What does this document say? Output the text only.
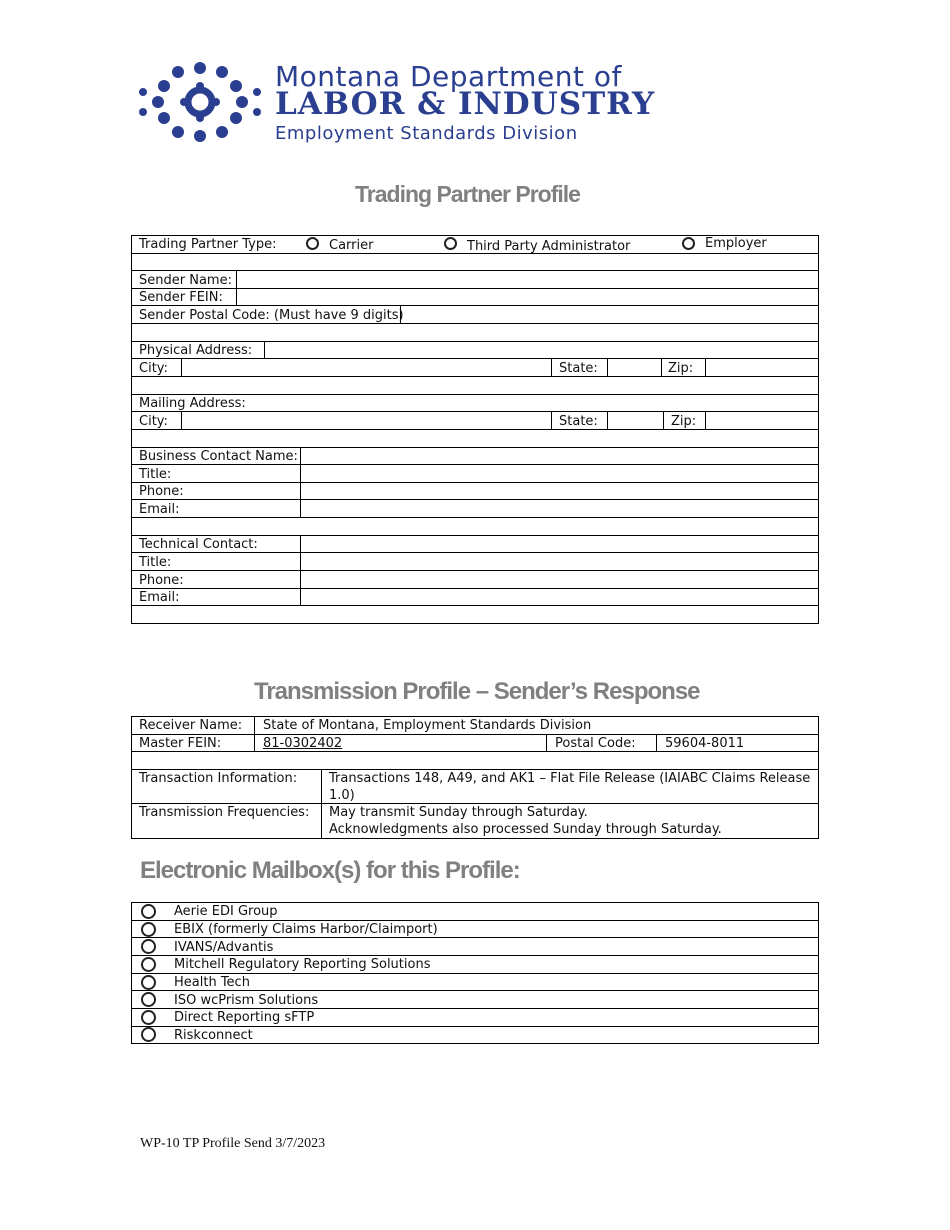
Montana Department of
LABOR & INDUSTRY
Employment Standards Division
Trading Partner Profile
Trading Partner Type:	Carrier	Third Party Administrator	Employer
Sender Name:
Sender FEIN:
Sender Postal Code: (Must have 9 digits)
Physical Address:
City:	State:	Zip:
Mailing Address:
City:	State:	Zip:
Business Contact Name:
Title:
Phone:
Email:
Technical Contact:
Title:
Phone:
Email:
Transmission Profile – Sender’s Response
Receiver Name: State of Montana, Employment Standards Division
Master FEIN:	81-0302402	Postal Code: 59604-8011
Transaction Information: Transactions 148, A49, and AK1 – Flat File Release (IAIABC Claims Release
1.0)
Transmission Frequencies: May transmit Sunday through Saturday.
Acknowledgments also processed Sunday through Saturday.
Electronic Mailbox(s) for this Profile:
Aerie EDI Group
EBIX (formerly Claims Harbor/Claimport)
IVANS/Advantis
Mitchell Regulatory Reporting Solutions
Health Tech
ISO wcPrism Solutions
Direct Reporting sFTP
Riskconnect
WP-10 TP Profile Send 3/7/2023
